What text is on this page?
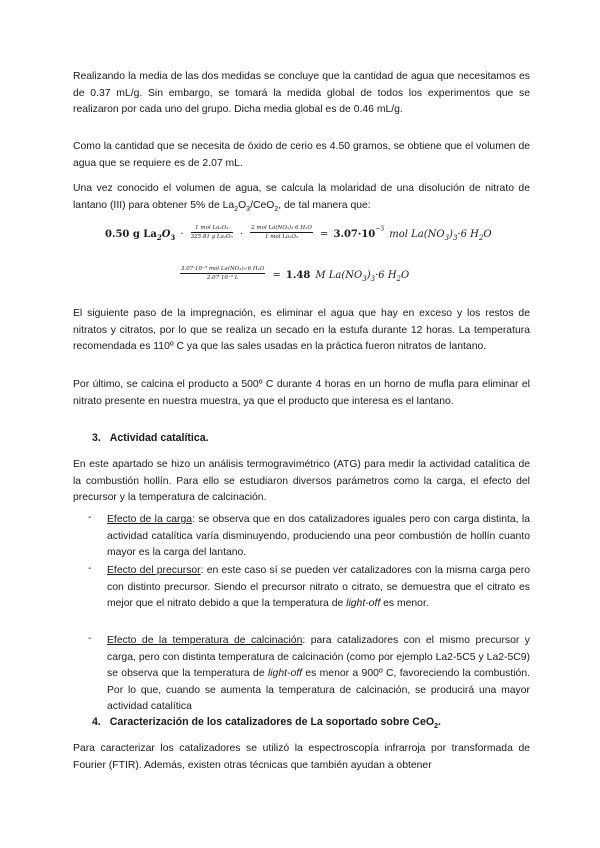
Realizando la media de las dos medidas se concluye que la cantidad de agua que necesitamos es de 0.37 mL/g. Sin embargo, se tomará la medida global de todos los experimentos que se realizaron por cada uno del grupo. Dicha media global es de 0.46 mL/g.

Como la cantidad que se necesita de óxido de cerio es 4.50 gramos, se obtiene que el volumen de agua que se requiere es de 2.07 mL.

Una vez conocido el volumen de agua, se calcula la molaridad de una disolución de nitrato de lantano (III) para obtener 5% de $La_2O_3/CeO_2$, de tal manera que:

0.50 g $La_2O_3 \cdot \frac{\text{1 mol La₂O₃}}{\text{325.81 g La₂O₃}} \cdot \frac{\text{2 mol La(NO₃)₃·6 H₂O}}{\text{1 mol La₂O₃}} = 3.07\cdot 10^{-3}$ mol $La(NO_3)_3\cdot 6$ $H_2O$
$\frac{\text{3.07·10⁻³ mol La(NO₃)₃·6 H₂O}}{\text{2.07·10⁻³ L}} = 1.48$ M $La(NO_3)_3\cdot 6$ $H_2O$

El siguiente paso de la impregnación, es eliminar el agua que hay en exceso y los restos de nitratos y citratos, por lo que se realiza un secado en la estufa durante 12 horas. La temperatura recomendada es 110º C ya que las sales usadas en la práctica fueron nitratos de lantano.

Por último, se calcina el producto a 500º C durante 4 horas en un horno de mufla para eliminar el nitrato presente en nuestra muestra, ya que el producto que interesa es el lantano.

3. Actividad catalítica.

En este apartado se hizo un análisis termogravimétrico (ATG) para medir la actividad catalítica de la combustión hollín. Para ello se estudiaron diversos parámetros como la carga, el efecto del precursor y la temperatura de calcinación.

- Efecto de la carga: se observa que en dos catalizadores iguales pero con carga distinta, la actividad catalítica varía disminuyendo, produciendo una peor combustión de hollín cuanto mayor es la carga del lantano.

- Efecto del precursor: en este caso sí se pueden ver catalizadores con la misma carga pero con distinto precursor. Siendo el precursor nitrato o citrato, se demuestra que el citrato es mejor que el nitrato debido a que la temperatura de light-off es menor.

- Efecto de la temperatura de calcinación: para catalizadores con el mismo precursor y carga, pero con distinta temperatura de calcinación (como por ejemplo La2-5C5 y La2-5C9) se observa que la temperatura de light-off es menor a 900º C, favoreciendo la combustión. Por lo que, cuando se aumenta la temperatura de calcinación, se producirá una mayor actividad catalítica

4. Caracterización de los catalizadores de La soportado sobre CeO$_2$.

Para caracterizar los catalizadores se utilizó la espectroscopía infrarroja por transformada de Fourier (FTIR). Además, existen otras técnicas que también ayudan a obtener
